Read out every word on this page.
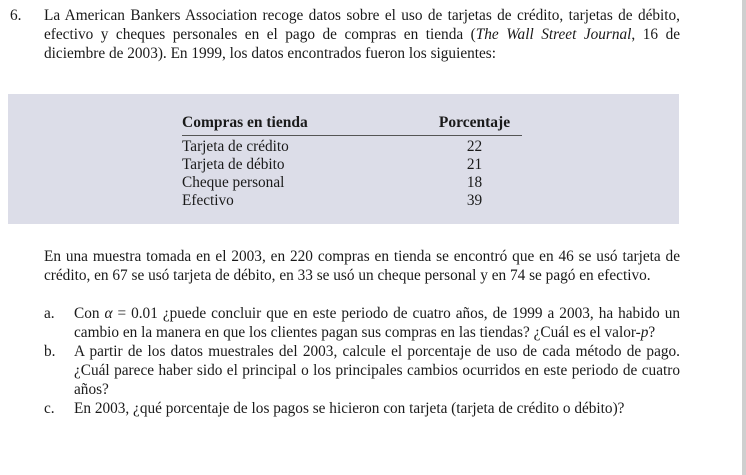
6. La American Bankers Association recoge datos sobre el uso de tarjetas de crédito, tarjetas de débito, efectivo y cheques personales en el pago de compras en tienda (The Wall Street Journal, 16 de diciembre de 2003). En 1999, los datos encontrados fueron los siguientes:
Compras en tienda	Porcentaje
Tarjeta de crédito	22
Tarjeta de débito	21
Cheque personal	18
Efectivo	39
En una muestra tomada en el 2003, en 220 compras en tienda se encontró que en 46 se usó tarjeta de crédito, en 67 se usó tarjeta de débito, en 33 se usó un cheque personal y en 74 se pagó en efectivo.
a.	Con α = 0.01 ¿puede concluir que en este periodo de cuatro años, de 1999 a 2003, ha habido un cambio en la manera en que los clientes pagan sus compras en las tiendas? ¿Cuál es el valor-p?
b.	A partir de los datos muestrales del 2003, calcule el porcentaje de uso de cada método de pago. ¿Cuál parece haber sido el principal o los principales cambios ocurridos en este periodo de cuatro años?
c.	En 2003, ¿qué porcentaje de los pagos se hicieron con tarjeta (tarjeta de crédito o débito)?
